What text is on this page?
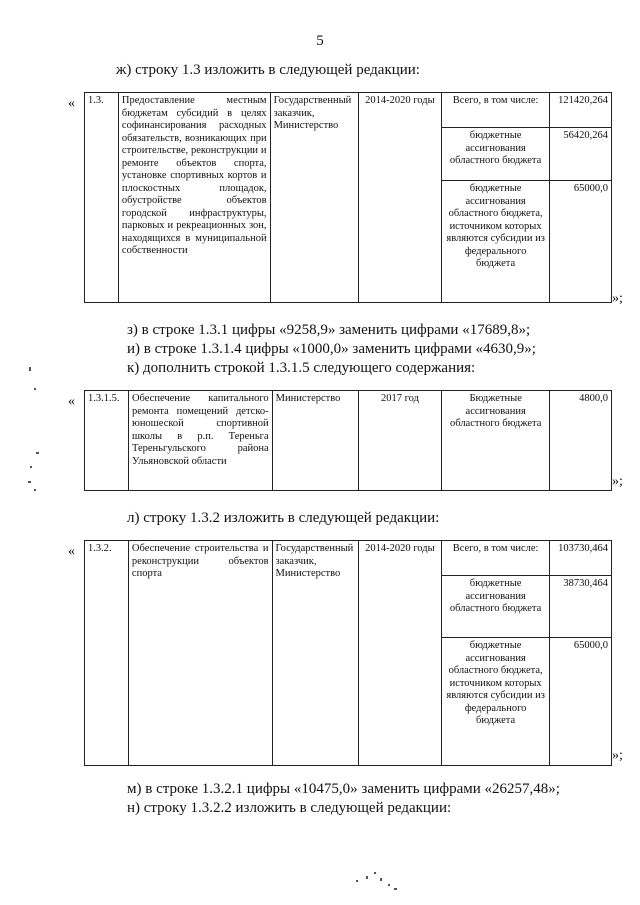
5
ж) строку 1.3 изложить в следующей редакции:
« 1.3.	Предоставление местным бюджетам субсидий в целях софинансирования расходных обязательств, возникающих при строительстве, реконструкции и ремонте объектов спорта, установке спортивных кортов и плоскостных площадок, обустройстве объектов городской инфраструктуры, парковых и рекреационных зон, находящихся в муниципальной собственности	Государственный заказчик, Министерство	2014-2020 годы	Всего, в том числе:	121420,264
				бюджетные ассигнования областного бюджета	56420,264
				бюджетные ассигнования областного бюджета, источником которых являются субсидии из федерального бюджета	65000,0
»;
з) в строке 1.3.1 цифры «9258,9» заменить цифрами «17689,8»;
и) в строке 1.3.1.4 цифры «1000,0» заменить цифрами «4630,9»;
к) дополнить строкой 1.3.1.5 следующего содержания:
« 1.3.1.5.	Обеспечение капитального ремонта помещений детско-юношеской спортивной школы в р.п. Тереньга Тереньгульского района Ульяновской области	Министерство	2017 год	Бюджетные ассигнования областного бюджета	4800,0
»;
л) строку 1.3.2 изложить в следующей редакции:
« 1.3.2.	Обеспечение строительства и реконструкции объектов спорта	Государственный заказчик, Министерство	2014-2020 годы	Всего, в том числе:	103730,464
				бюджетные ассигнования областного бюджета	38730,464
				бюджетные ассигнования областного бюджета, источником которых являются субсидии из федерального бюджета	65000,0
»;
м) в строке 1.3.2.1 цифры «10475,0» заменить цифрами «26257,48»;
н) строку 1.3.2.2 изложить в следующей редакции:
